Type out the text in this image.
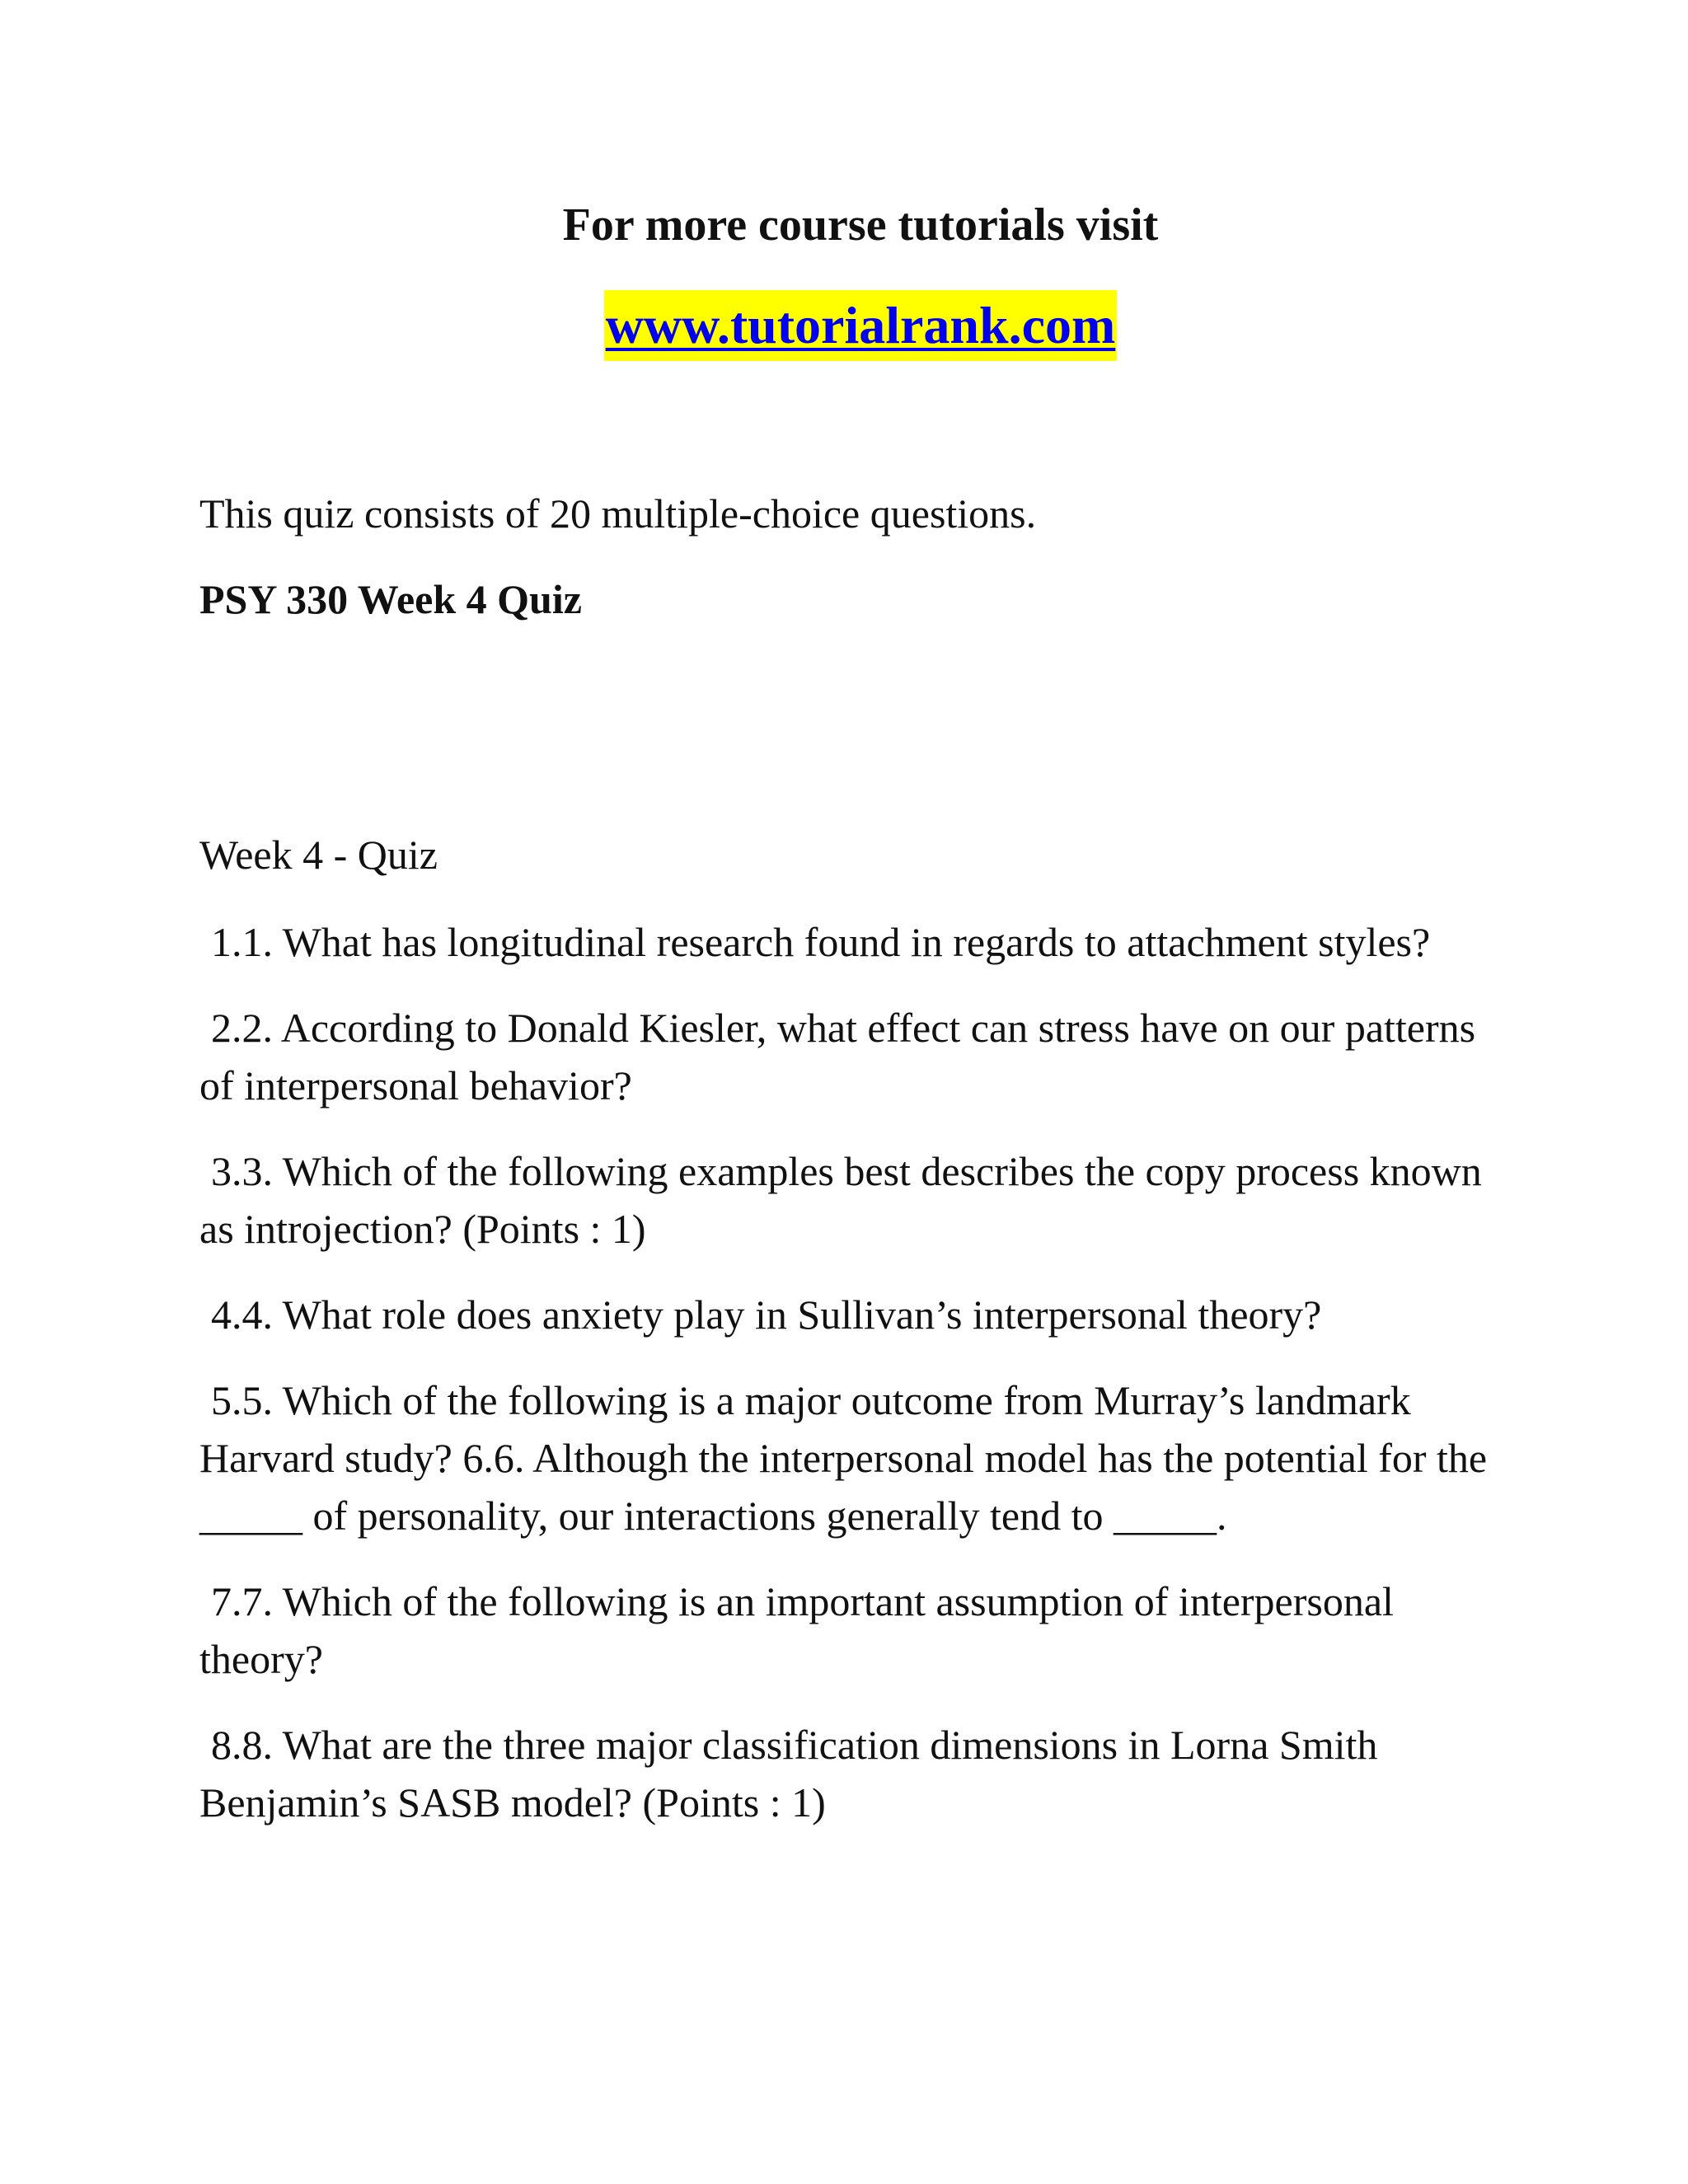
For more course tutorials visit
www.tutorialrank.com

This quiz consists of 20 multiple-choice questions.

PSY 330 Week 4 Quiz

Week 4 - Quiz

1.1. What has longitudinal research found in regards to attachment styles?
2.2. According to Donald Kiesler, what effect can stress have on our patterns of interpersonal behavior?
3.3. Which of the following examples best describes the copy process known as introjection? (Points : 1)
4.4. What role does anxiety play in Sullivan’s interpersonal theory?
5.5. Which of the following is a major outcome from Murray’s landmark Harvard study? 6.6. Although the interpersonal model has the potential for the _____ of personality, our interactions generally tend to _____.
7.7. Which of the following is an important assumption of interpersonal theory?
8.8. What are the three major classification dimensions in Lorna Smith Benjamin’s SASB model? (Points : 1)
